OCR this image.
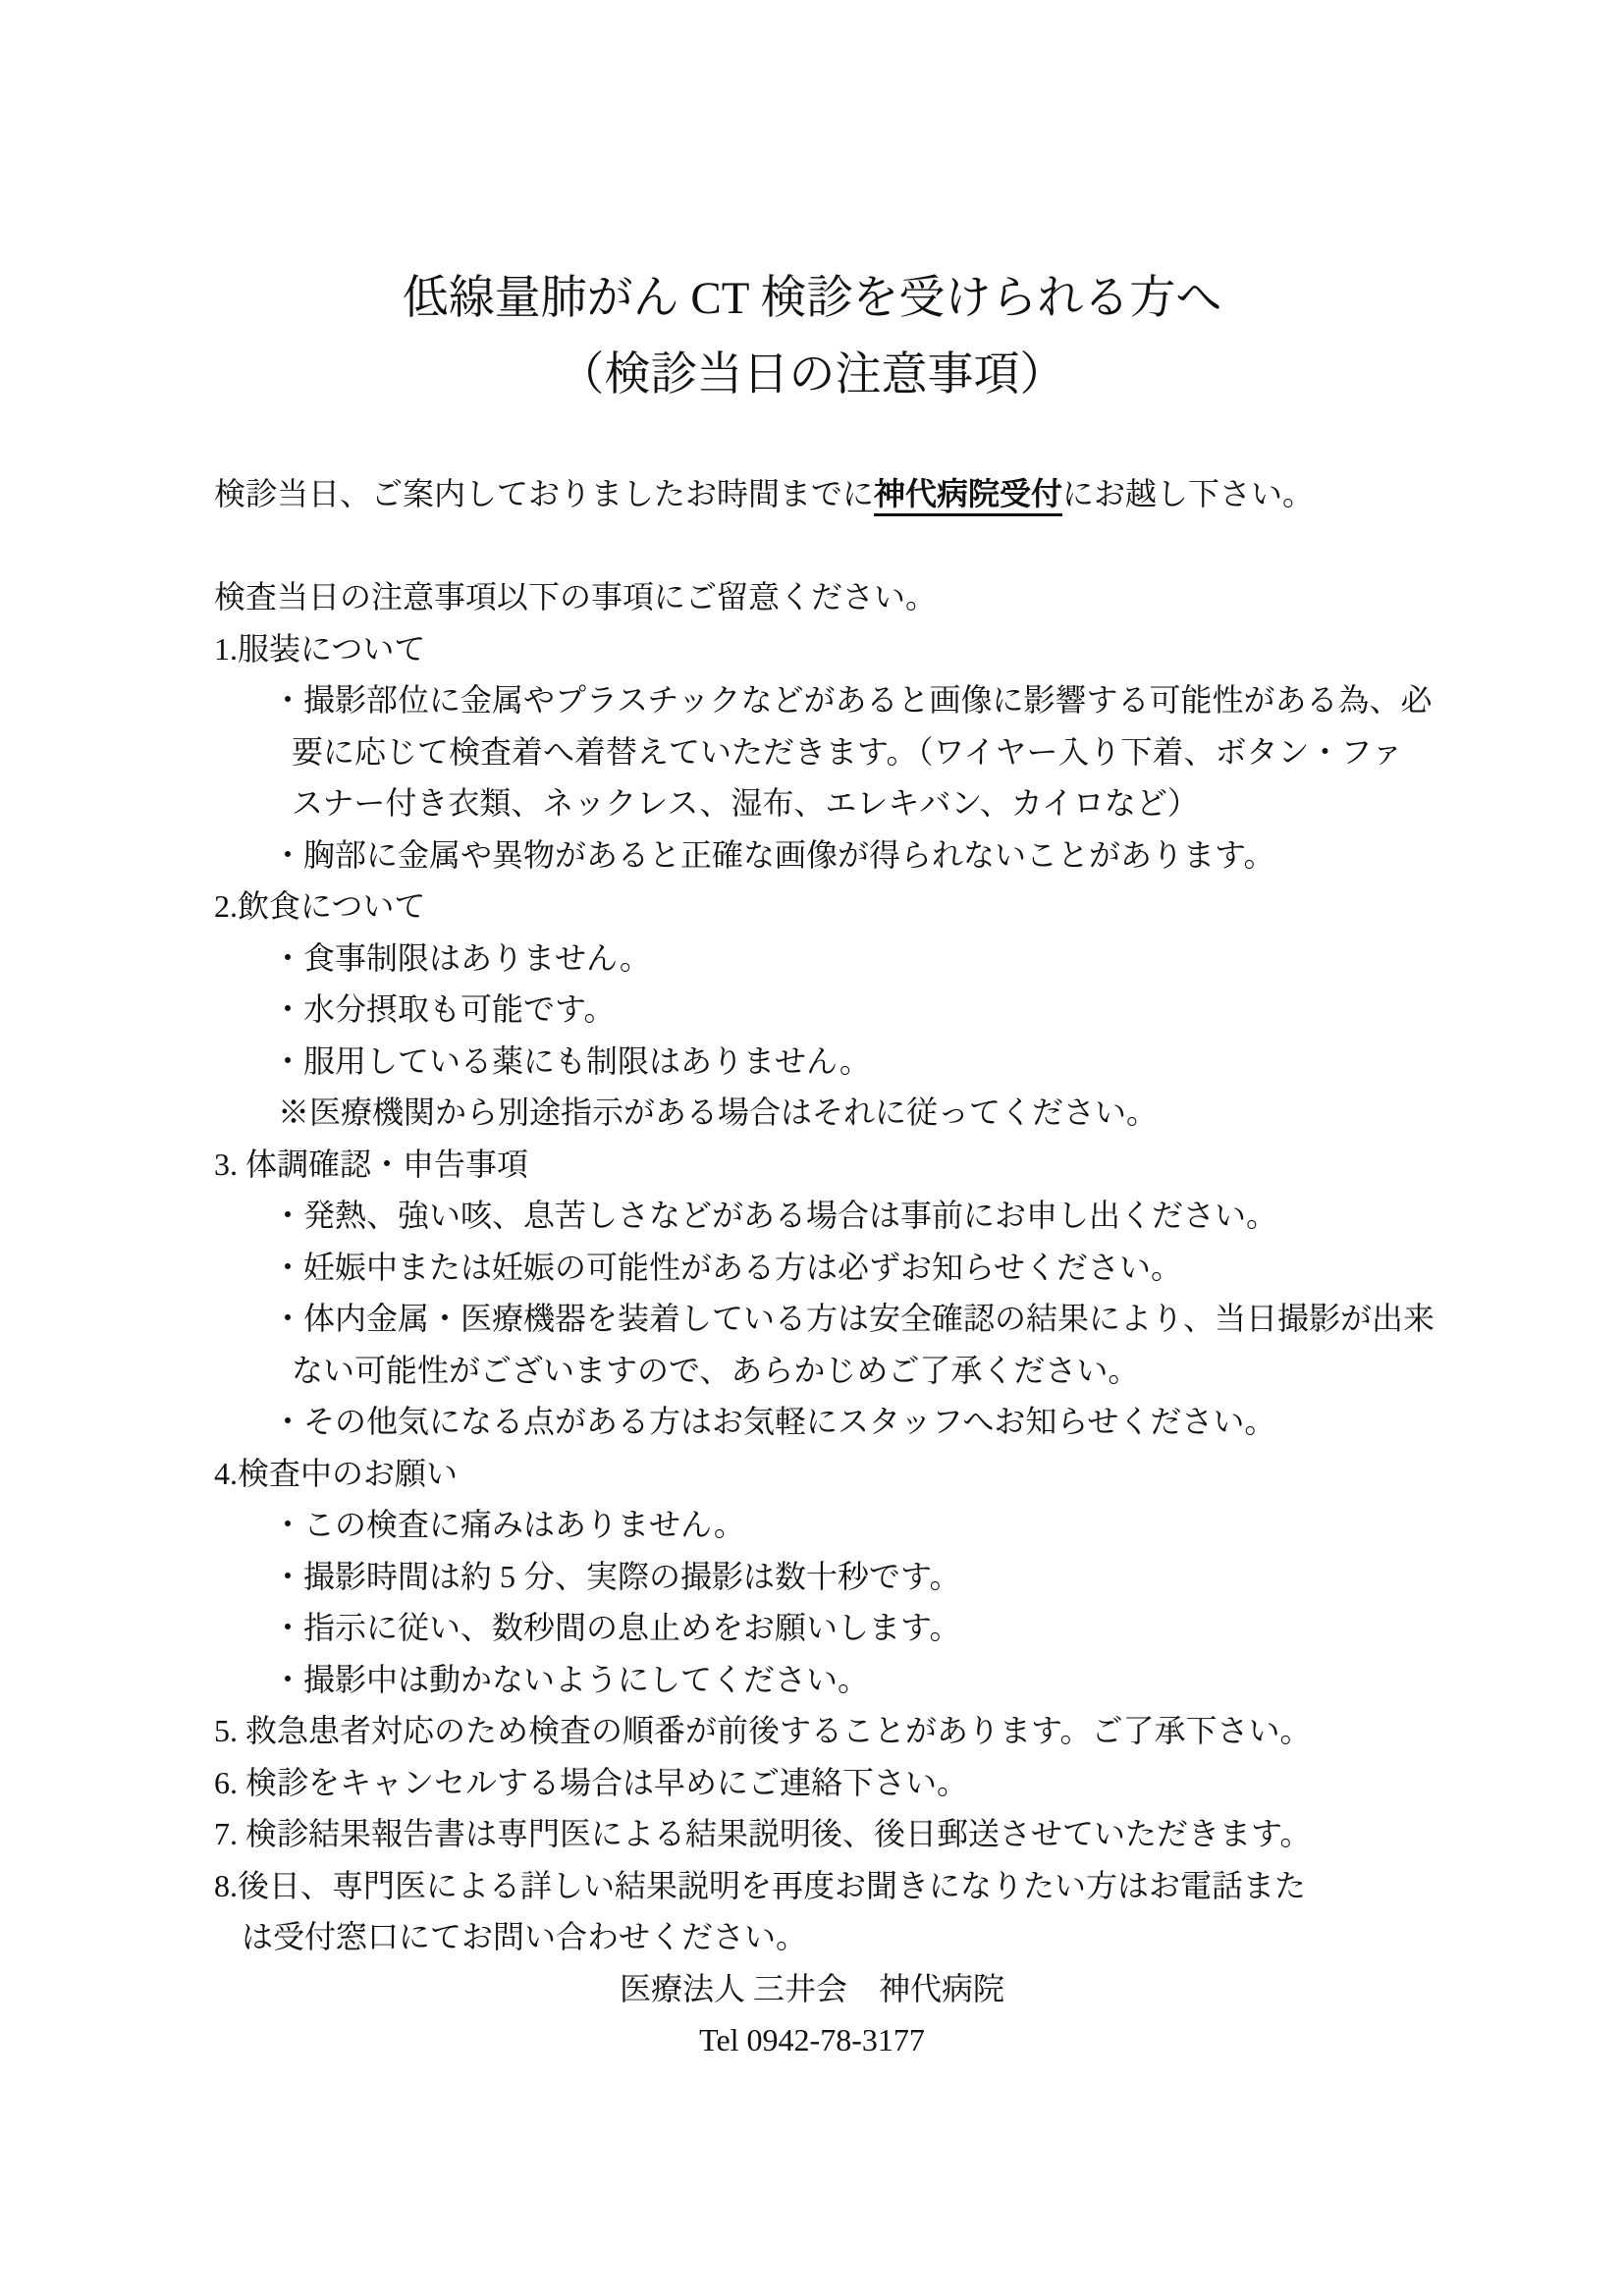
低線量肺がん CT 検診を受けられる方へ
（検診当日の注意事項）
検診当日、ご案内しておりましたお時間までに神代病院受付にお越し下さい。
検査当日の注意事項以下の事項にご留意ください。
1.服装について
・撮影部位に金属やプラスチックなどがあると画像に影響する可能性がある為、必
要に応じて検査着へ着替えていただきます。（ワイヤー入り下着、ボタン・ファ
スナー付き衣類、ネックレス、湿布、エレキバン、カイロなど）
・胸部に金属や異物があると正確な画像が得られないことがあります。
2.飲食について
・食事制限はありません。
・水分摂取も可能です。
・服用している薬にも制限はありません。
※医療機関から別途指示がある場合はそれに従ってください。
3. 体調確認・申告事項
・発熱、強い咳、息苦しさなどがある場合は事前にお申し出ください。
・妊娠中または妊娠の可能性がある方は必ずお知らせください。
・体内金属・医療機器を装着している方は安全確認の結果により、当日撮影が出来
ない可能性がございますので、あらかじめご了承ください。
・その他気になる点がある方はお気軽にスタッフへお知らせください。
4.検査中のお願い
・この検査に痛みはありません。
・撮影時間は約 5 分、実際の撮影は数十秒です。
・指示に従い、数秒間の息止めをお願いします。
・撮影中は動かないようにしてください。
5. 救急患者対応のため検査の順番が前後することがあります。ご了承下さい。
6. 検診をキャンセルする場合は早めにご連絡下さい。
7. 検診結果報告書は専門医による結果説明後、後日郵送させていただきます。
8.後日、専門医による詳しい結果説明を再度お聞きになりたい方はお電話また
は受付窓口にてお問い合わせください。
医療法人 三井会　神代病院
Tel 0942-78-3177
